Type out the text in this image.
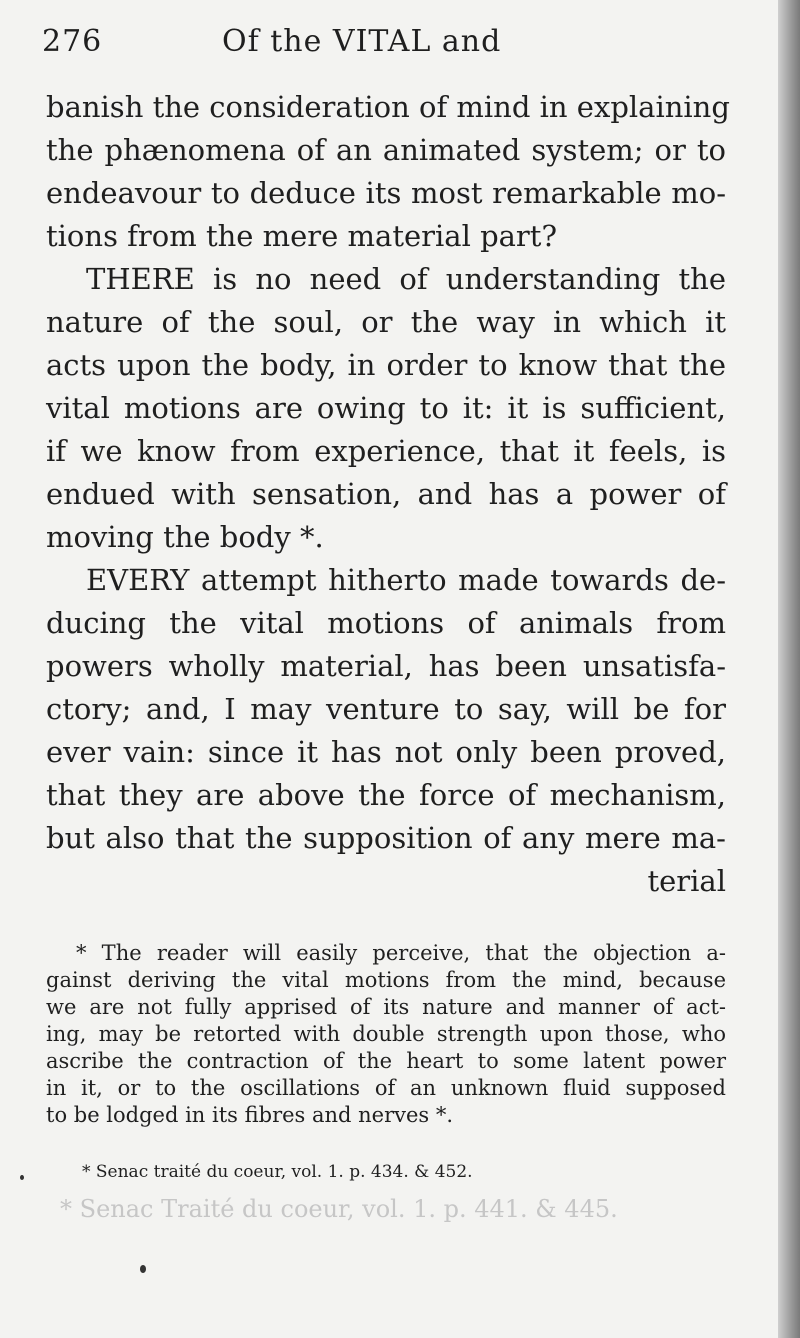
276	Of the VITAL and
banish the consideration of mind in explaining
the phænomena of an animated system; or to
endeavour to deduce its most remarkable mo-
tions from the mere material part?
THERE is no need of understanding the
nature of the soul, or the way in which it
acts upon the body, in order to know that the
vital motions are owing to it: it is sufficient,
if we know from experience, that it feels, is
endued with sensation, and has a power of
moving the body *.
EVERY attempt hitherto made towards de-
ducing the vital motions of animals from
powers wholly material, has been unsatisfa-
ctory; and, I may venture to say, will be for
ever vain: since it has not only been proved,
that they are above the force of mechanism,
but also that the supposition of any mere ma-
terial
* The reader will easily perceive, that the objection a-
gainst deriving the vital motions from the mind, because
we are not fully apprised of its nature and manner of act-
ing, may be retorted with double strength upon those, who
ascribe the contraction of the heart to some latent power
in it, or to the oscillations of an unknown fluid supposed
to be lodged in its fibres and nerves *.
* Senac traité du coeur, vol. 1. p. 434. & 452.
* Senac Traité du coeur, vol. 1. p. 441. & 445.
